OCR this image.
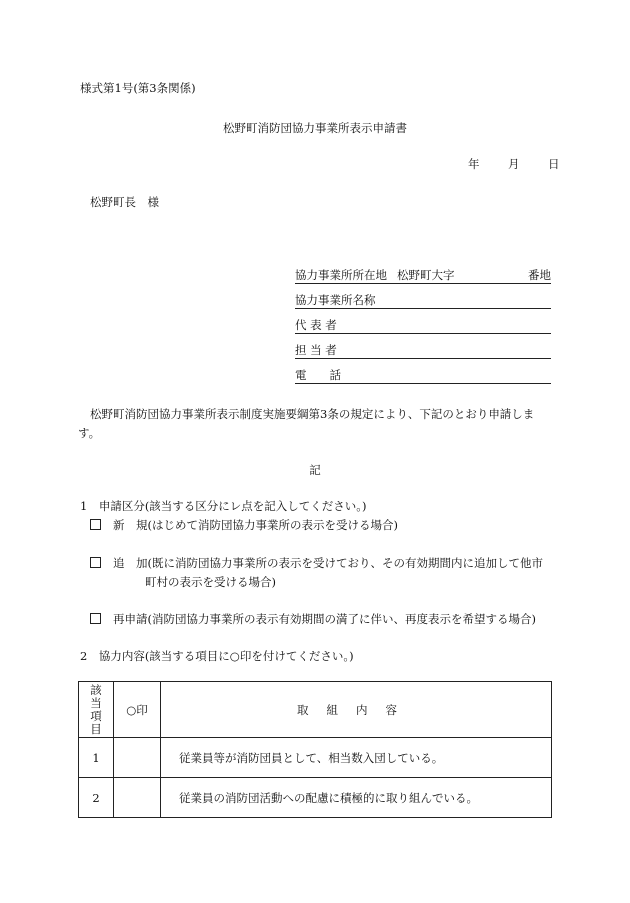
様式第1号(第3条関係)
松野町消防団協力事業所表示申請書
年 月 日
松野町長　様
協力事業所所在地 松野町大字	番地
協力事業所名称
代 表 者
担 当 者
電　　話
松野町消防団協力事業所表示制度実施要綱第3条の規定により、下記のとおり申請します。
記
1　申請区分(該当する区分にレ点を記入してください。)
新　規(はじめて消防団協力事業所の表示を受ける場合)
追　加(既に消防団協力事業所の表示を受けており、その有効期間内に追加して他市
町村の表示を受ける場合)
再申請(消防団協力事業所の表示有効期間の満了に伴い、再度表示を希望する場合)
2　協力内容(該当する項目に○印を付けてください。)
該
当
項
目	○印	取組内容
1		従業員等が消防団員として、相当数入団している。
2		従業員の消防団活動への配慮に積極的に取り組んでいる。
